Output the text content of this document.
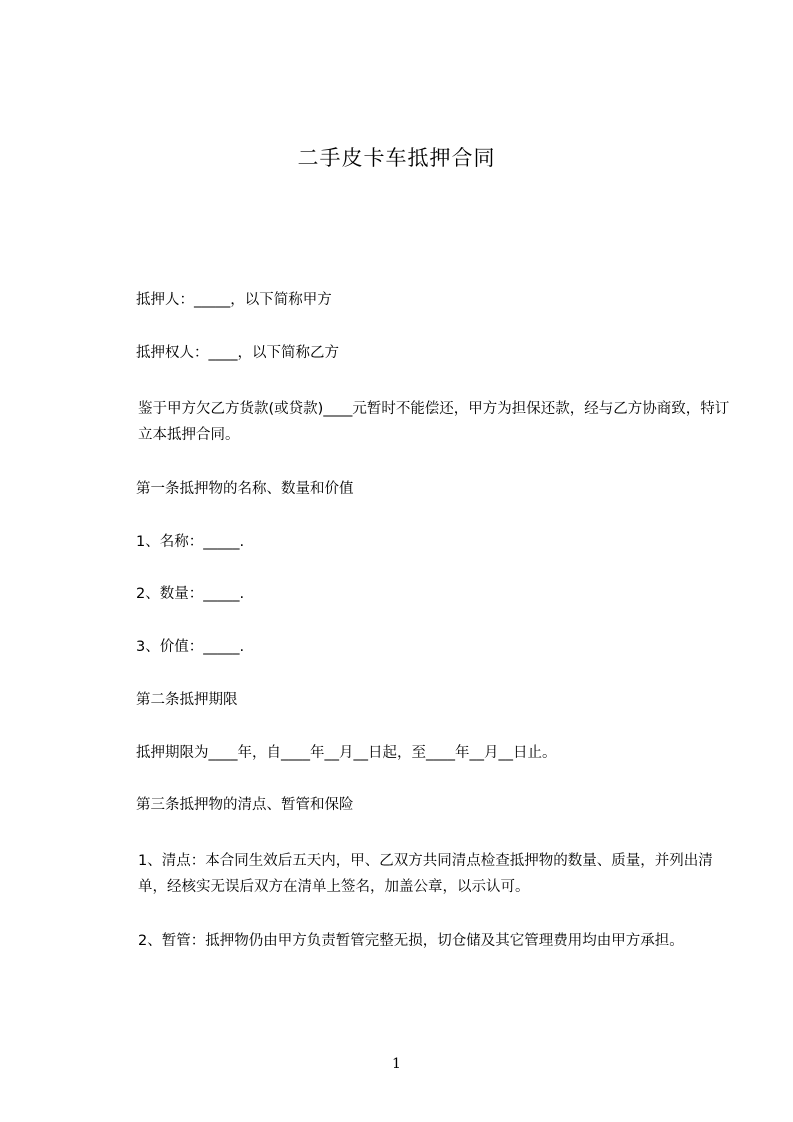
二手皮卡车抵押合同
抵押人：_____，以下简称甲方
抵押权人：____，以下简称乙方
鉴于甲方欠乙方货款(或贷款)____元暂时不能偿还，甲方为担保还款，经与乙方协商致，特订立本抵押合同。
第一条抵押物的名称、数量和价值
1、名称：_____.
2、数量：_____.
3、价值：_____.
第二条抵押期限
抵押期限为____年，自____年__月__日起，至____年__月__日止。
第三条抵押物的清点、暂管和保险
1、清点：本合同生效后五天内，甲、乙双方共同清点检查抵押物的数量、质量，并列出清单，经核实无误后双方在清单上签名，加盖公章，以示认可。
2、暂管：抵押物仍由甲方负责暂管完整无损，切仓储及其它管理费用均由甲方承担。
1
